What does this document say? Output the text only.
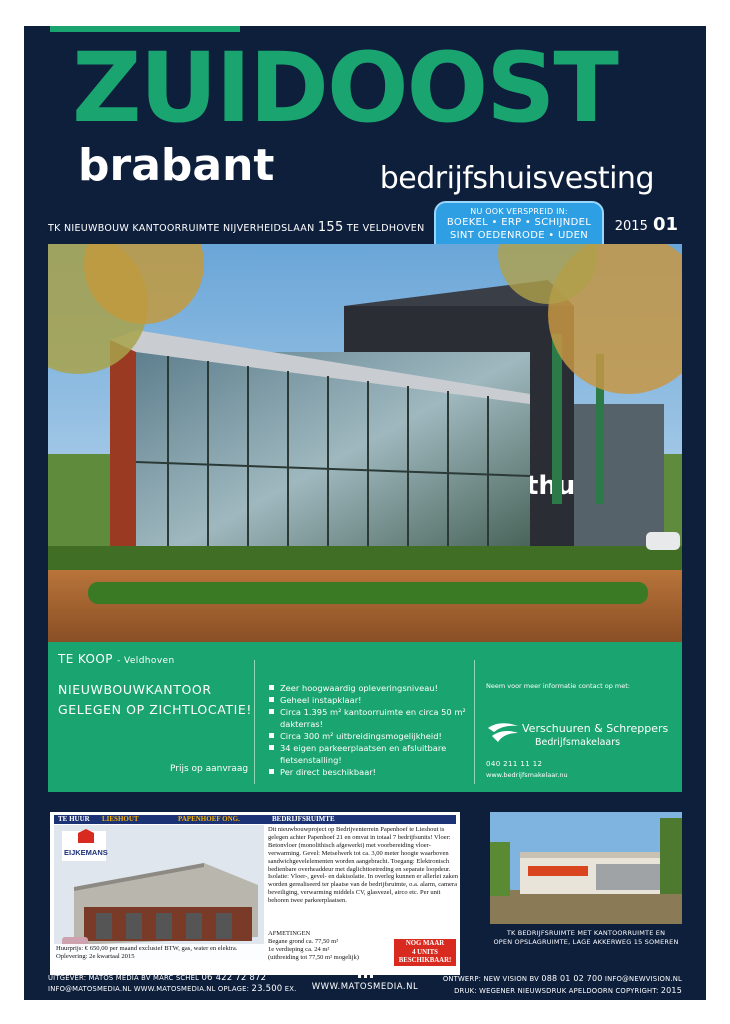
ZUIDOOST
brabant	bedrijfshuisvesting
TK NIEUWBOUW KANTOORRUIMTE NIJVERHEIDSLAAN 155 TE VELDHOVEN
NU OOK VERSPREID IN:
BOEKEL • ERP • SCHIJNDEL
SINT OEDENRODE • UDEN
2015 01
TE KOOP - Veldhoven
NIEUWBOUWKANTOOR
GELEGEN OP ZICHTLOCATIE!
Prijs op aanvraag
Zeer hoogwaardig opleveringsniveau!
Geheel instapklaar!
Circa 1.395 m² kantoorruimte en circa 50 m² dakterras!
Circa 300 m² uitbreidingsmogelijkheid!
34 eigen parkeerplaatsen en afsluitbare fietsenstalling!
Per direct beschikbaar!
Neem voor meer informatie contact op met:
Verschuuren & Schreppers
Bedrijfsmakelaars
040 211 11 12
www.bedrijfsmakelaar.nu
TE HUUR LIESHOUT	PAPENHOEF ONG.	BEDRIJFSRUIMTE
EIJKEMANS
Huurprijs: € 650,00 per maand exclusief BTW, gas, water en elektra. Oplevering: 2e kwartaal 2015
Dit nieuwbouwproject op Bedrijventerrein Papenhoef te Lieshout is gelegen achter Papenhoef 21 en omvat in totaal 7 bedrijfsunits! Vloer: Betonvloer (monolithisch afgewerkt) met voorbereiding vloer-verwarming. Gevel: Metselwerk tot ca. 3,00 meter hoogte waarboven sandwichgevelelementen worden aangebracht. Toegang: Elektronisch bedienbare overheaddeur met daglichttoetreding en separate loopdeur. Isolatie: Vloer-, gevel- en dakisolatie. In overleg kunnen er allerlei zaken worden gerealiseerd ter plaatse van de bedrijfsruimte, o.a. alarm, camera beveiliging, verwarming middels CV, glasvezel, airco etc. Per unit behoren twee parkeerplaatsen.
AFMETINGEN
Begane grond ca. 77,50 m²
1e verdieping ca. 24 m²
(uitbreiding tot 77,50 m² mogelijk)
NOG MAAR
4 UNITS
BESCHIKBAAR!
TK BEDRIJFSRUIMTE MET KANTOORRUIMTE EN
OPEN OPSLAGRUIMTE, LAGE AKKERWEG 15 SOMEREN
UITGEVER: MATOS MEDIA BV MARC SCHEL 06 422 72 872
INFO@MATOSMEDIA.NL WWW.MATOSMEDIA.NL OPLAGE: 23.500 EX.
m
WWW.MATOSMEDIA.NL
ONTWERP: NEW VISION BV 088 01 02 700 INFO@NEWVISION.NL
DRUK: WEGENER NIEUWSDRUK APELDOORN COPYRIGHT: 2015
